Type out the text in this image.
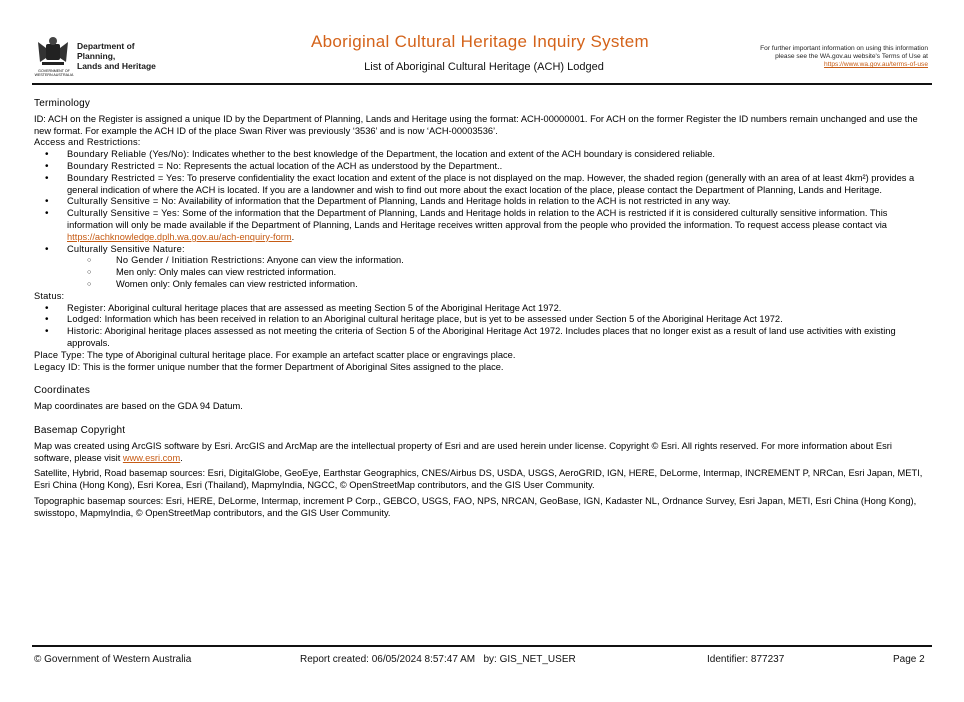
GOVERNMENT OF
WESTERN AUSTRALIA
Department of Planning,
Lands and Heritage
Aboriginal Cultural Heritage Inquiry System
List of Aboriginal Cultural Heritage (ACH) Lodged
For further important information on using this information
please see the WA.gov.au website's Terms of Use at
https://www.wa.gov.au/terms-of-use

Terminology

ID: ACH on the Register is assigned a unique ID by the Department of Planning, Lands and Heritage using the format: ACH-00000001. For ACH on the former Register the ID numbers remain unchanged and use the new format. For example the ACH ID of the place Swan River was previously ‘3536’ and is now ‘ACH-00003536’.

Access and Restrictions:

• Boundary Reliable (Yes/No): Indicates whether to the best knowledge of the Department, the location and extent of the ACH boundary is considered reliable.

• Boundary Restricted = No: Represents the actual location of the ACH as understood by the Department..

• Boundary Restricted = Yes: To preserve confidentiality the exact location and extent of the place is not displayed on the map. However, the shaded region (generally with an area of at least 4km²) provides a general indication of where the ACH is located. If you are a landowner and wish to find out more about the exact location of the place, please contact the Department of Planning, Lands and Heritage.

• Culturally Sensitive = No: Availability of information that the Department of Planning, Lands and Heritage holds in relation to the ACH is not restricted in any way.

• Culturally Sensitive = Yes: Some of the information that the Department of Planning, Lands and Heritage holds in relation to the ACH is restricted if it is considered culturally sensitive information. This information will only be made available if the Department of Planning, Lands and Heritage receives written approval from the people who provided the information. To request access please contact via https://achknowledge.dplh.wa.gov.au/ach-enquiry-form.

• Culturally Sensitive Nature:

○ No Gender / Initiation Restrictions: Anyone can view the information.

○ Men only: Only males can view restricted information.

○ Women only: Only females can view restricted information.

Status:

• Register: Aboriginal cultural heritage places that are assessed as meeting Section 5 of the Aboriginal Heritage Act 1972.

• Lodged: Information which has been received in relation to an Aboriginal cultural heritage place, but is yet to be assessed under Section 5 of the Aboriginal Heritage Act 1972.

• Historic: Aboriginal heritage places assessed as not meeting the criteria of Section 5 of the Aboriginal Heritage Act 1972. Includes places that no longer exist as a result of land use activities with existing approvals.

Place Type: The type of Aboriginal cultural heritage place. For example an artefact scatter place or engravings place.

Legacy ID: This is the former unique number that the former Department of Aboriginal Sites assigned to the place.

Coordinates

Map coordinates are based on the GDA 94 Datum.

Basemap Copyright

Map was created using ArcGIS software by Esri. ArcGIS and ArcMap are the intellectual property of Esri and are used herein under license. Copyright © Esri. All rights reserved. For more information about Esri software, please visit www.esri.com.

Satellite, Hybrid, Road basemap sources: Esri, DigitalGlobe, GeoEye, Earthstar Geographics, CNES/Airbus DS, USDA, USGS, AeroGRID, IGN, HERE, DeLorme, Intermap, INCREMENT P, NRCan, Esri Japan, METI, Esri China (Hong Kong), Esri Korea, Esri (Thailand), MapmyIndia, NGCC, © OpenStreetMap contributors, and the GIS User Community.

Topographic basemap sources: Esri, HERE, DeLorme, Intermap, increment P Corp., GEBCO, USGS, FAO, NPS, NRCAN, GeoBase, IGN, Kadaster NL, Ordnance Survey, Esri Japan, METI, Esri China (Hong Kong), swisstopo, MapmyIndia, © OpenStreetMap contributors, and the GIS User Community.

© Government of Western Australia	Report created: 06/05/2024 8:57:47 AM   by: GIS_NET_USER	Identifier: 877237	Page 2
